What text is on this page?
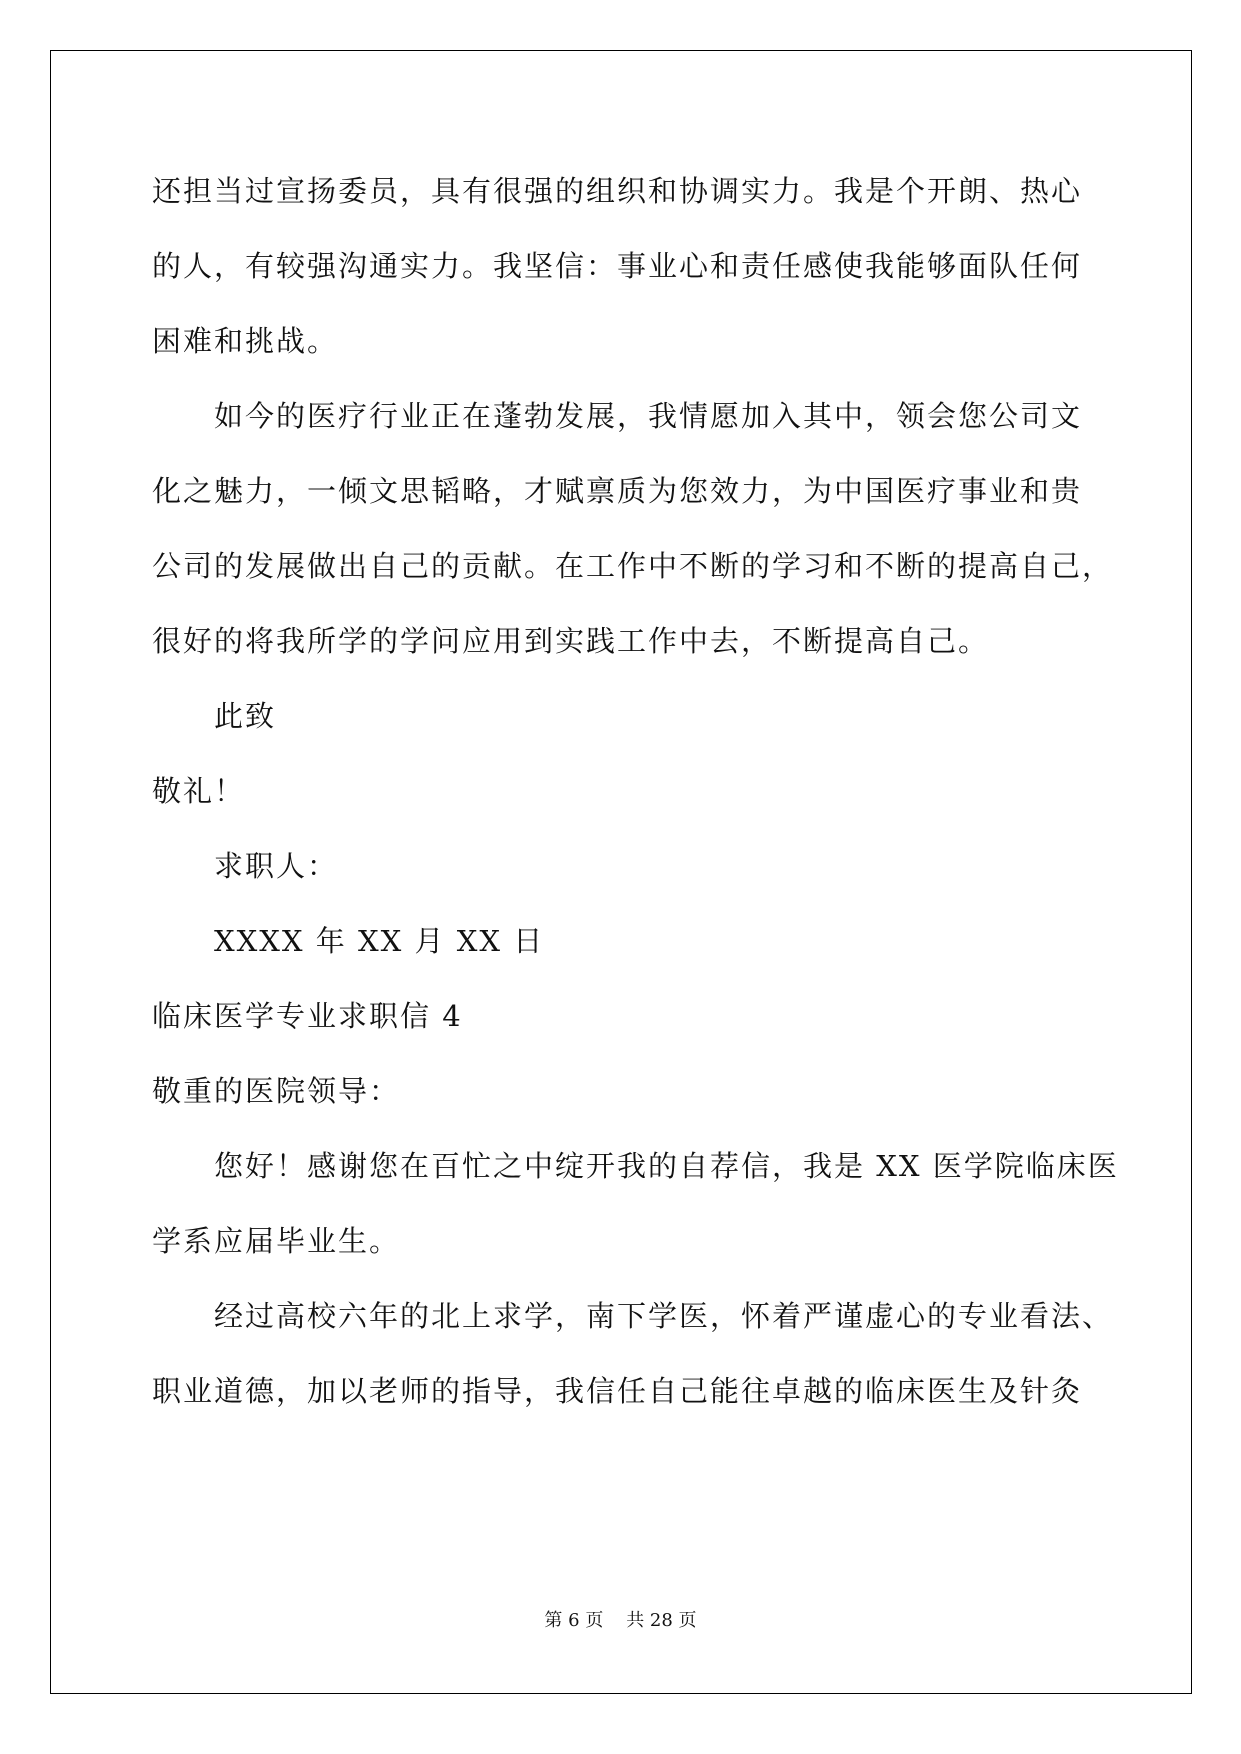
还担当过宣扬委员，具有很强的组织和协调实力。我是个开朗、热心
的人，有较强沟通实力。我坚信：事业心和责任感使我能够面队任何
困难和挑战。
如今的医疗行业正在蓬勃发展，我情愿加入其中，领会您公司文
化之魅力，一倾文思韬略，才赋禀质为您效力，为中国医疗事业和贵
公司的发展做出自己的贡献。在工作中不断的学习和不断的提高自己，
很好的将我所学的学问应用到实践工作中去，不断提高自己。
此致
敬礼！
求职人：
XXXX 年 XX 月 XX 日
临床医学专业求职信 4
敬重的医院领导：
您好！感谢您在百忙之中绽开我的自荐信，我是 XX 医学院临床医
学系应届毕业生。
经过高校六年的北上求学，南下学医，怀着严谨虚心的专业看法、
职业道德，加以老师的指导，我信任自己能往卓越的临床医生及针灸
第 6 页    共 28 页
